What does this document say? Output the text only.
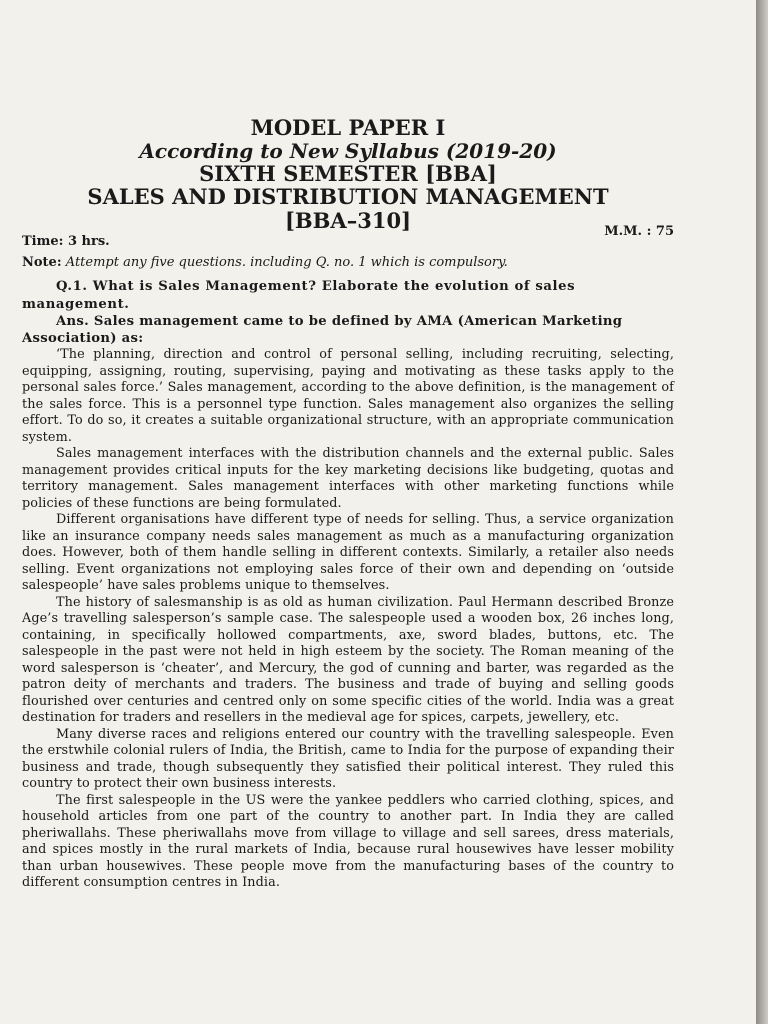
MODEL PAPER I
According to New Syllabus (2019-20)
SIXTH SEMESTER [BBA]
SALES AND DISTRIBUTION MANAGEMENT
[BBA–310]
Time: 3 hrs.
M.M. : 75
Note: Attempt any five questions. including Q. no. 1 which is compulsory.
Q.1. What is Sales Management? Elaborate the evolution of sales management.
Ans. Sales management came to be defined by AMA (American Marketing Association) as:

‘The planning, direction and control of personal selling, including recruiting, selecting, equipping, assigning, routing, supervising, paying and motivating as these tasks apply to the personal sales force.’ Sales management, according to the above definition, is the management of the sales force. This is a personnel type function. Sales management also organizes the selling effort. To do so, it creates a suitable organizational structure, with an appropriate communication system.

Sales management interfaces with the distribution channels and the external public. Sales management provides critical inputs for the key marketing decisions like budgeting, quotas and territory management. Sales management interfaces with other marketing functions while policies of these functions are being formulated.

Different organisations have different type of needs for selling. Thus, a service organization like an insurance company needs sales management as much as a manufacturing organization does. However, both of them handle selling in different contexts. Similarly, a retailer also needs selling. Event organizations not employing sales force of their own and depending on ‘outside salespeople’ have sales problems unique to themselves.

The history of salesmanship is as old as human civilization. Paul Hermann described Bronze Age’s travelling salesperson’s sample case. The salespeople used a wooden box, 26 inches long, containing, in specifically hollowed compartments, axe, sword blades, buttons, etc. The salespeople in the past were not held in high esteem by the society. The Roman meaning of the word salesperson is ‘cheater’, and Mercury, the god of cunning and barter, was regarded as the patron deity of merchants and traders. The business and trade of buying and selling goods flourished over centuries and centred only on some specific cities of the world. India was a great destination for traders and resellers in the medieval age for spices, carpets, jewellery, etc.

Many diverse races and religions entered our country with the travelling salespeople. Even the erstwhile colonial rulers of India, the British, came to India for the purpose of expanding their business and trade, though subsequently they satisfied their political interest. They ruled this country to protect their own business interests.

The first salespeople in the US were the yankee peddlers who carried clothing, spices, and household articles from one part of the country to another part. In India they are called pheriwallahs. These pheriwallahs move from village to village and sell sarees, dress materials, and spices mostly in the rural markets of India, because rural housewives have lesser mobility than urban housewives. These people move from the manufacturing bases of the country to different consumption centres in India.
